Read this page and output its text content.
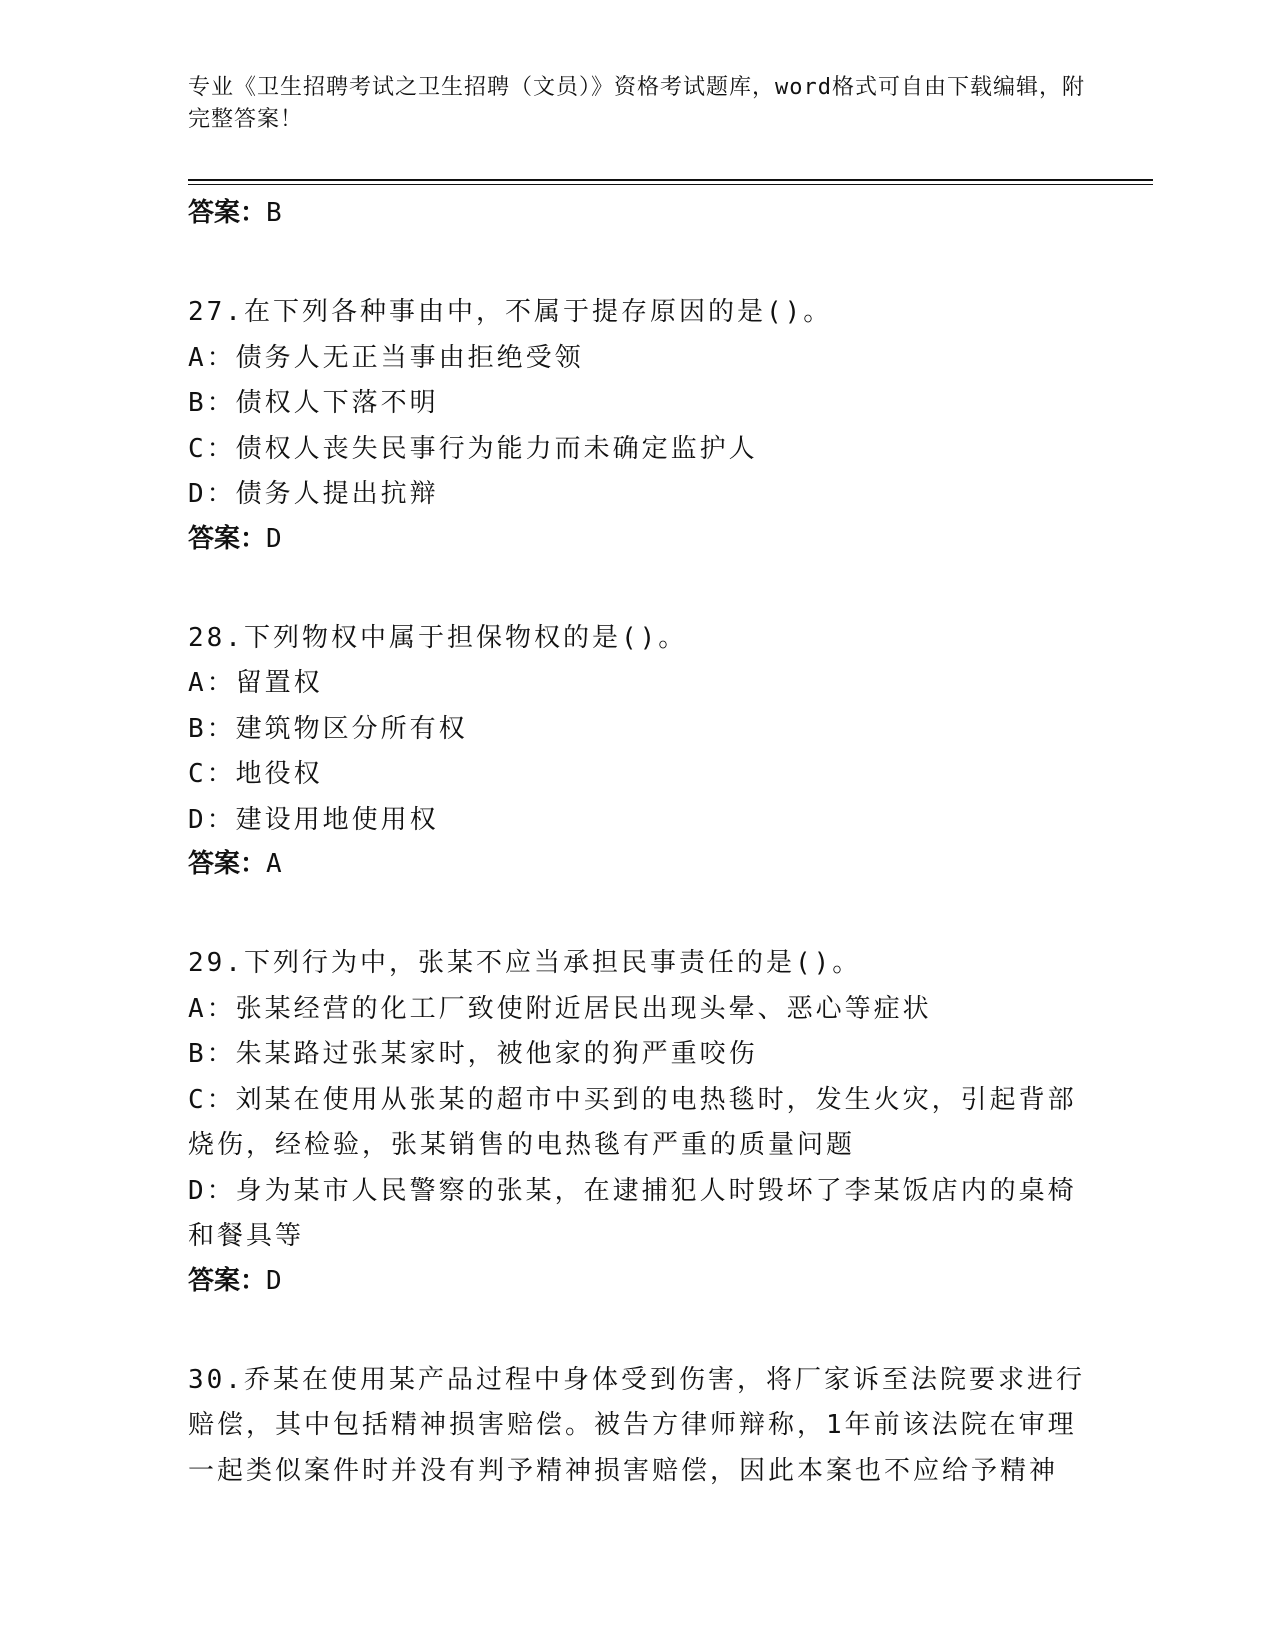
专业《卫生招聘考试之卫生招聘（文员）》资格考试题库，word格式可自由下载编辑，附完整答案！
答案：B
27.在下列各种事由中，不属于提存原因的是()。
A：债务人无正当事由拒绝受领
B：债权人下落不明
C：债权人丧失民事行为能力而未确定监护人
D：债务人提出抗辩
答案：D
28.下列物权中属于担保物权的是()。
A：留置权
B：建筑物区分所有权
C：地役权
D：建设用地使用权
答案：A
29.下列行为中，张某不应当承担民事责任的是()。
A：张某经营的化工厂致使附近居民出现头晕、恶心等症状
B：朱某路过张某家时，被他家的狗严重咬伤
C：刘某在使用从张某的超市中买到的电热毯时，发生火灾，引起背部烧伤，经检验，张某销售的电热毯有严重的质量问题
D：身为某市人民警察的张某，在逮捕犯人时毁坏了李某饭店内的桌椅和餐具等
答案：D
30.乔某在使用某产品过程中身体受到伤害，将厂家诉至法院要求进行赔偿，其中包括精神损害赔偿。被告方律师辩称，1年前该法院在审理一起类似案件时并没有判予精神损害赔偿，因此本案也不应给予精神
